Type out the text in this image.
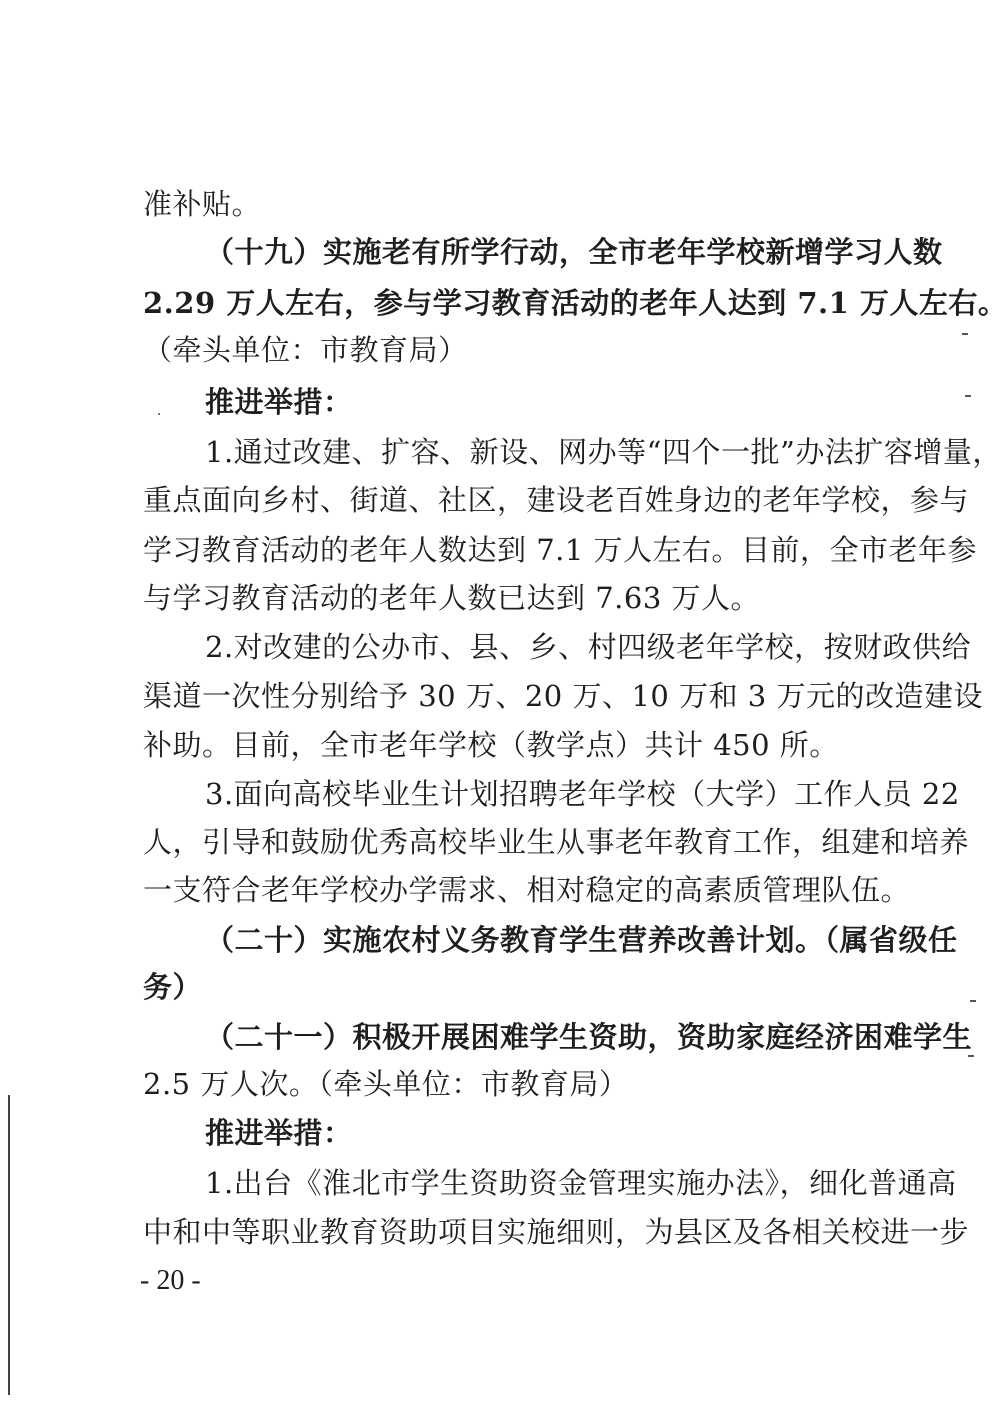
准补贴。
（十九）实施老有所学行动，全市老年学校新增学习人数
2.29 万人左右，参与学习教育活动的老年人达到 7.1 万人左右。
（牵头单位：市教育局）
推进举措：
1.通过改建、扩容、新设、网办等“四个一批”办法扩容增量，
重点面向乡村、街道、社区，建设老百姓身边的老年学校，参与
学习教育活动的老年人数达到 7.1 万人左右。目前，全市老年参
与学习教育活动的老年人数已达到 7.63 万人。
2.对改建的公办市、县、乡、村四级老年学校，按财政供给
渠道一次性分别给予 30 万、20 万、10 万和 3 万元的改造建设
补助。目前，全市老年学校（教学点）共计 450 所。
3.面向高校毕业生计划招聘老年学校（大学）工作人员 22
人，引导和鼓励优秀高校毕业生从事老年教育工作，组建和培养
一支符合老年学校办学需求、相对稳定的高素质管理队伍。
（二十）实施农村义务教育学生营养改善计划。（属省级任
务）
（二十一）积极开展困难学生资助，资助家庭经济困难学生
2.5 万人次。（牵头单位：市教育局）
推进举措：
1.出台《淮北市学生资助资金管理实施办法》，细化普通高
中和中等职业教育资助项目实施细则，为县区及各相关校进一步
- 20 -
